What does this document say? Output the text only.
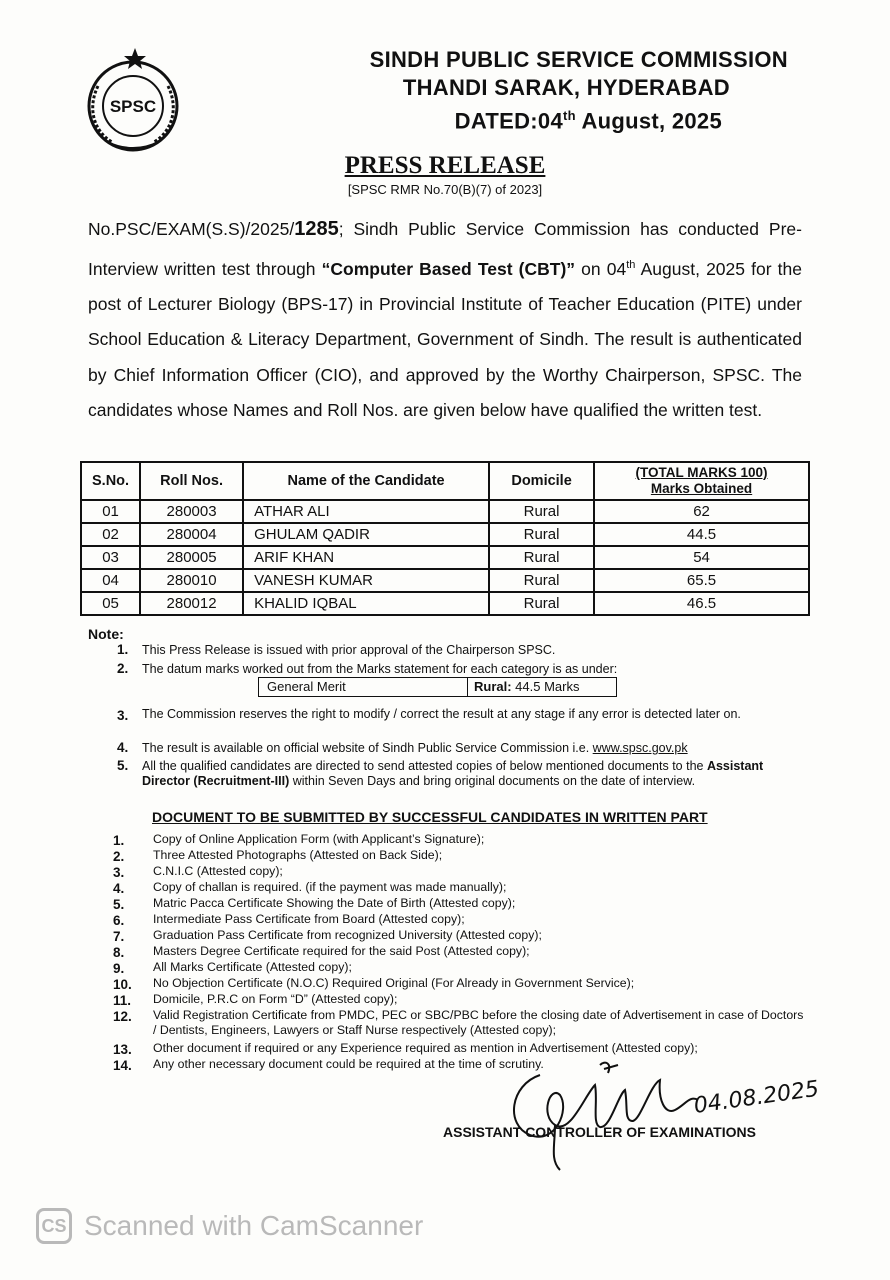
SPSC
SINDH PUBLIC SERVICE COMMISSION
THANDI SARAK, HYDERABAD
DATED:04th August, 2025
PRESS RELEASE
[SPSC RMR No.70(B)(7) of 2023]
No.PSC/EXAM(S.S)/2025/1285; Sindh Public Service Commission has conducted Pre-Interview written test through “Computer Based Test (CBT)” on 04th August, 2025 for the post of Lecturer Biology (BPS-17) in Provincial Institute of Teacher Education (PITE) under School Education & Literacy Department, Government of Sindh. The result is authenticated by Chief Information Officer (CIO), and approved by the Worthy Chairperson, SPSC. The candidates whose Names and Roll Nos. are given below have qualified the written test.
S.No.	Roll Nos.	Name of the Candidate	Domicile	(TOTAL MARKS 100)
Marks Obtained

01	280003	ATHAR ALI	Rural	62
02	280004	GHULAM QADIR	Rural	44.5
03	280005	ARIF KHAN	Rural	54
04	280010	VANESH KUMAR	Rural	65.5
05	280012	KHALID IQBAL	Rural	46.5
Note:
1. This Press Release is issued with prior approval of the Chairperson SPSC.
2. The datum marks worked out from the Marks statement for each category is as under:
General Merit	Rural: 44.5 Marks
3. The Commission reserves the right to modify / correct the result at any stage if any error is detected later on.
4. The result is available on official website of Sindh Public Service Commission i.e. www.spsc.gov.pk
5. All the qualified candidates are directed to send attested copies of below mentioned documents to the Assistant Director (Recruitment-III) within Seven Days and bring original documents on the date of interview.
DOCUMENT TO BE SUBMITTED BY SUCCESSFUL CANDIDATES IN WRITTEN PART
1. Copy of Online Application Form (with Applicant’s Signature);
2. Three Attested Photographs (Attested on Back Side);
3. C.N.I.C (Attested copy);
4. Copy of challan is required. (if the payment was made manually);
5. Matric Pacca Certificate Showing the Date of Birth (Attested copy);
6. Intermediate Pass Certificate from Board (Attested copy);
7. Graduation Pass Certificate from recognized University (Attested copy);
8. Masters Degree Certificate required for the said Post (Attested copy);
9. All Marks Certificate (Attested copy);
10. No Objection Certificate (N.O.C) Required Original (For Already in Government Service);
11. Domicile, P.R.C on Form “D” (Attested copy);
12. Valid Registration Certificate from PMDC, PEC or SBC/PBC before the closing date of Advertisement in case of Doctors / Dentists, Engineers, Lawyers or Staff Nurse respectively (Attested copy);
13. Other document if required or any Experience required as mention in Advertisement (Attested copy);
14. Any other necessary document could be required at the time of scrutiny.
04.08.2025
ASSISTANT CONTROLLER OF EXAMINATIONS
CS Scanned with CamScanner
